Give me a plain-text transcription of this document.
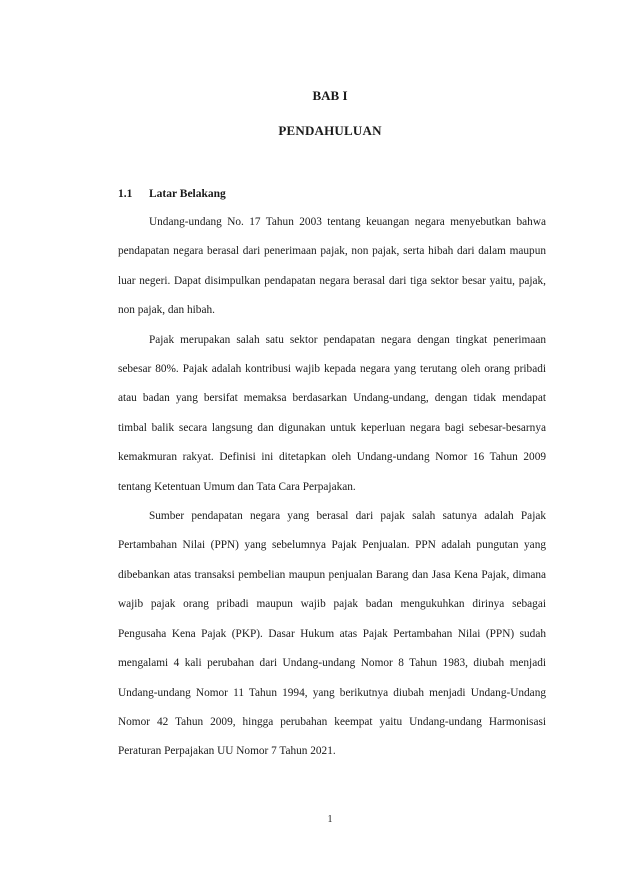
BAB I
PENDAHULUAN
1.1 Latar Belakang

Undang-undang No. 17 Tahun 2003 tentang keuangan negara menyebutkan bahwa pendapatan negara berasal dari penerimaan pajak, non pajak, serta hibah dari dalam maupun luar negeri. Dapat disimpulkan pendapatan negara berasal dari tiga sektor besar yaitu, pajak, non pajak, dan hibah.

Pajak merupakan salah satu sektor pendapatan negara dengan tingkat penerimaan sebesar 80%. Pajak adalah kontribusi wajib kepada negara yang terutang oleh orang pribadi atau badan yang bersifat memaksa berdasarkan Undang-undang, dengan tidak mendapat timbal balik secara langsung dan digunakan untuk keperluan negara bagi sebesar-besarnya kemakmuran rakyat. Definisi ini ditetapkan oleh Undang-undang Nomor 16 Tahun 2009 tentang Ketentuan Umum dan Tata Cara Perpajakan.

Sumber pendapatan negara yang berasal dari pajak salah satunya adalah Pajak Pertambahan Nilai (PPN) yang sebelumnya Pajak Penjualan. PPN adalah pungutan yang dibebankan atas transaksi pembelian maupun penjualan Barang dan Jasa Kena Pajak, dimana wajib pajak orang pribadi maupun wajib pajak badan mengukuhkan dirinya sebagai Pengusaha Kena Pajak (PKP). Dasar Hukum atas Pajak Pertambahan Nilai (PPN) sudah mengalami 4 kali perubahan dari Undang-undang Nomor 8 Tahun 1983, diubah menjadi Undang-undang Nomor 11 Tahun 1994, yang berikutnya diubah menjadi Undang-Undang Nomor 42 Tahun 2009, hingga perubahan keempat yaitu Undang-undang Harmonisasi Peraturan Perpajakan UU Nomor 7 Tahun 2021.

1
